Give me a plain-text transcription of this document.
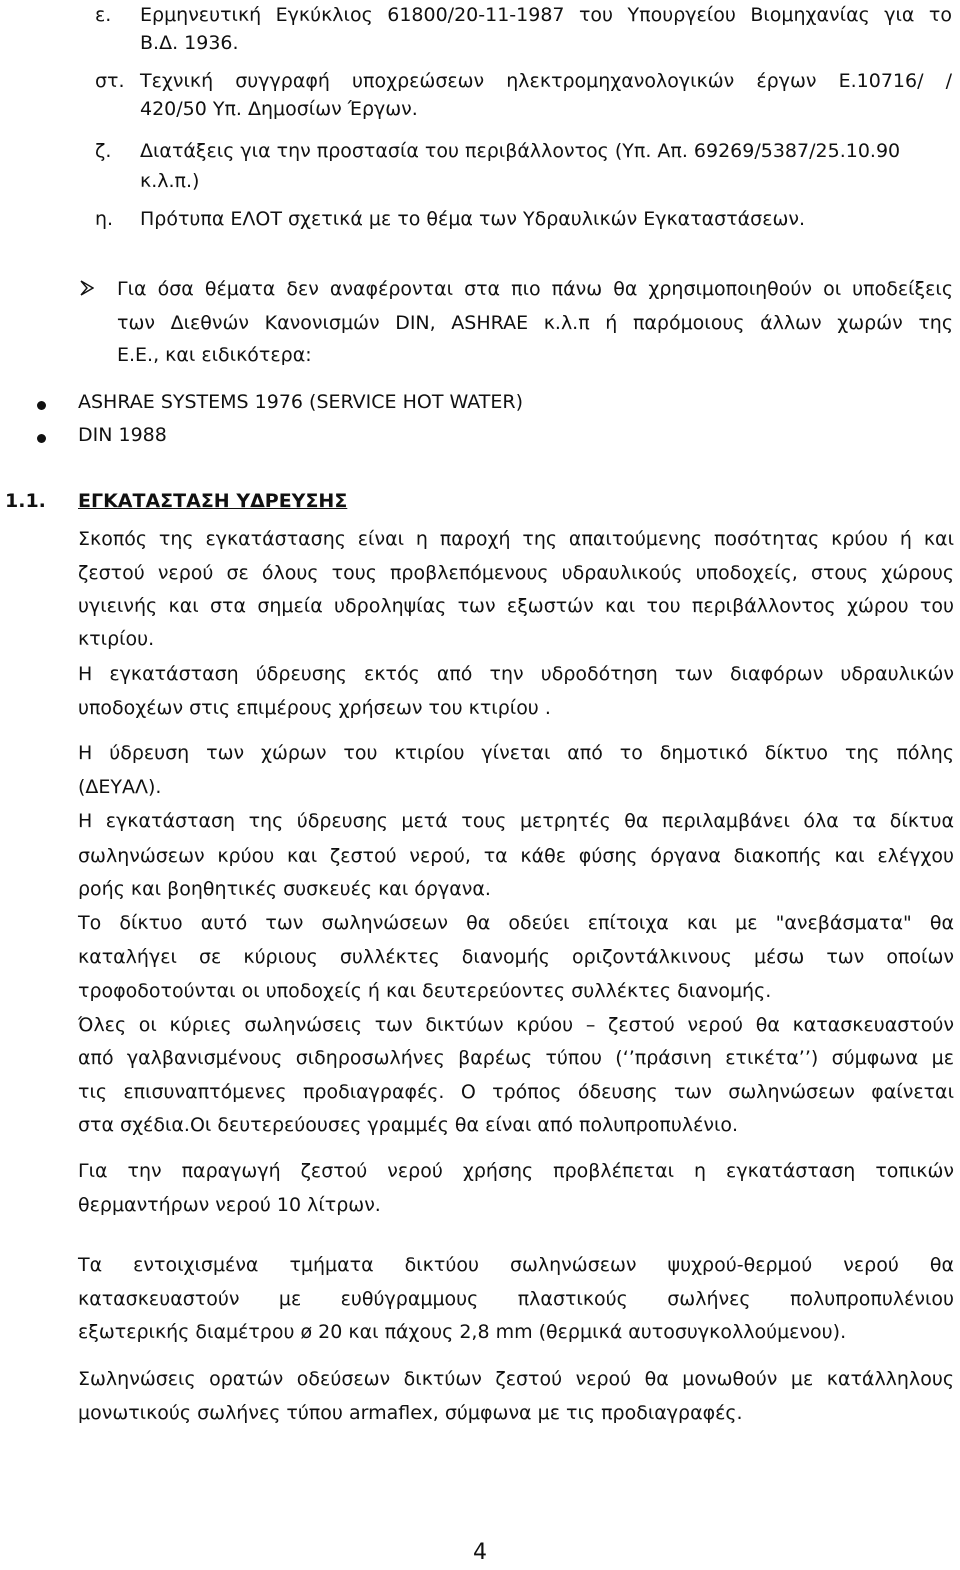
ε. Ερμηνευτική Εγκύκλιος 61800/20-11-1987 του Υπουργείου Βιομηχανίας για το
Β.Δ. 1936.
στ. Τεχνική συγγραφή υποχρεώσεων ηλεκτρομηχανολογικών έργων Ε.10716/ /
420/50 Υπ. Δημοσίων Έργων.
ζ. Διατάξεις για την προστασία του περιβάλλοντος (Υπ. Απ. 69269/5387/25.10.90
κ.λ.π.)
η. Πρότυπα ΕΛΟΤ σχετικά με το θέμα των Υδραυλικών Εγκαταστάσεων.
Για όσα θέματα δεν αναφέρονται στα πιο πάνω θα χρησιμοποιηθούν οι υποδείξεις
των Διεθνών Κανονισμών DIN, ASHRAE κ.λ.π ή παρόμοιους άλλων χωρών της
Ε.Ε., και ειδικότερα:
ASHRAE SYSTEMS 1976 (SERVICE HOT WATER)
DIN 1988
1.1. ΕΓΚΑΤΑΣΤΑΣΗ ΥΔΡΕΥΣΗΣ
Σκοπός της εγκατάστασης είναι η παροχή της απαιτούμενης ποσότητας κρύου ή και
ζεστού νερού σε όλους τους προβλεπόμενους υδραυλικούς υποδοχείς, στους χώρους
υγιεινής και στα σημεία υδροληψίας των εξωστών και του περιβάλλοντος χώρου του
κτιρίου.
Η εγκατάσταση ύδρευσης εκτός από την υδροδότηση των διαφόρων υδραυλικών
υποδοχέων στις επιμέρους χρήσεων του κτιρίου .
Η ύδρευση των χώρων του κτιρίου γίνεται από το δημοτικό δίκτυο της πόλης
(ΔΕΥΑΛ).
Η εγκατάσταση της ύδρευσης μετά τους μετρητές θα περιλαμβάνει όλα τα δίκτυα
σωληνώσεων κρύου και ζεστού νερού, τα κάθε φύσης όργανα διακοπής και ελέγχου
ροής και βοηθητικές συσκευές και όργανα.
Το δίκτυο αυτό των σωληνώσεων θα οδεύει επίτοιχα και με "ανεβάσματα" θα
καταλήγει σε κύριους συλλέκτες διανομής οριζοντάλκινους μέσω των οποίων
τροφοδοτούνται οι υποδοχείς ή και δευτερεύοντες συλλέκτες διανομής.
Όλες οι κύριες σωληνώσεις των δικτύων κρύου – ζεστού νερού θα κατασκευαστούν
από γαλβανισμένους σιδηροσωλήνες βαρέως τύπου (‘’πράσινη ετικέτα’’) σύμφωνα με
τις επισυναπτόμενες προδιαγραφές. Ο τρόπος όδευσης των σωληνώσεων φαίνεται
στα σχέδια.Οι δευτερεύουσες γραμμές θα είναι από πολυπροπυλένιο.
Για την παραγωγή ζεστού νερού χρήσης προβλέπεται η εγκατάσταση τοπικών
θερμαντήρων νερού 10 λίτρων.
Τα εντοιχισμένα τμήματα δικτύου σωληνώσεων ψυχρού-θερμού νερού θα
κατασκευαστούν με ευθύγραμμους πλαστικούς σωλήνες πολυπροπυλένιου
εξωτερικής διαμέτρου ø 20 και πάχους 2,8 mm (θερμικά αυτοσυγκολλούμενου).
Σωληνώσεις ορατών οδεύσεων δικτύων ζεστού νερού θα μονωθούν με κατάλληλους
μονωτικούς σωλήνες τύπου armaflex, σύμφωνα με τις προδιαγραφές.
4
